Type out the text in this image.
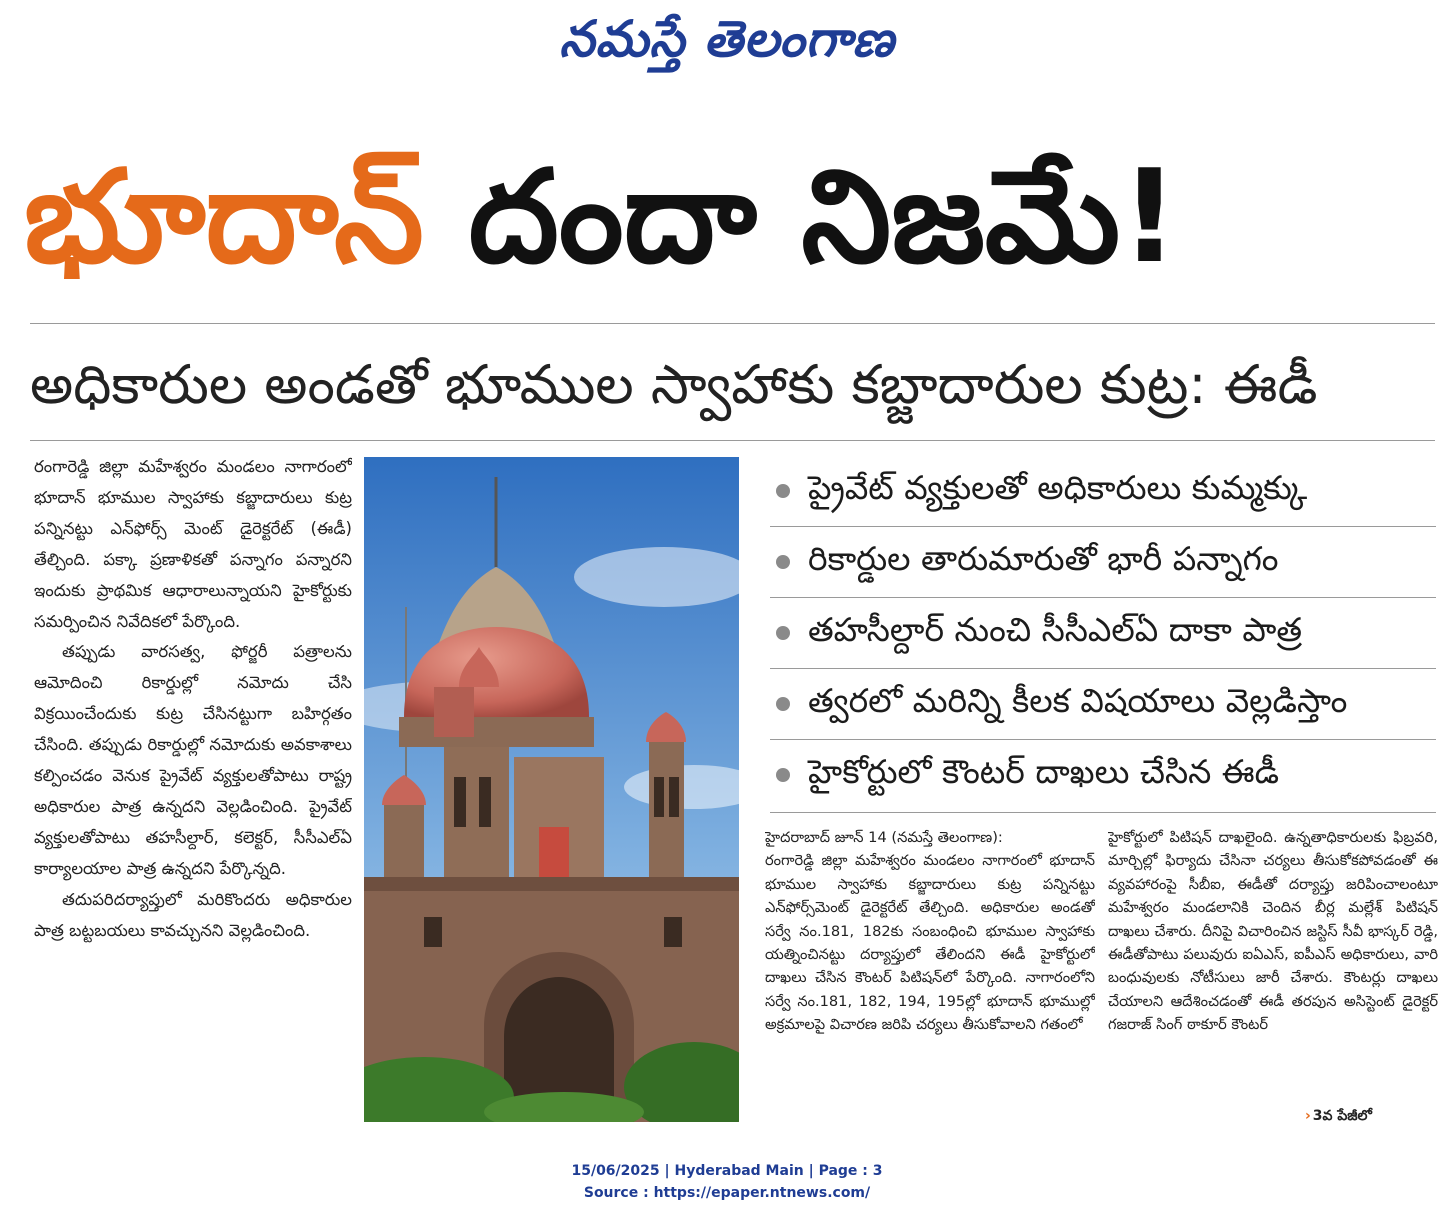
నమస్తే తెలంగాణ
భూదాన్ దందా నిజమే!
అధికారుల అండతో భూముల స్వాహాకు కబ్జాదారుల కుట్ర: ఈడీ

రంగారెడ్డి జిల్లా మహేశ్వరం మండలం నాగారంలో భూదాన్ భూముల స్వాహాకు కబ్జాదారులు కుట్ర పన్నినట్టు ఎన్‌ఫోర్స్ మెంట్ డైరెక్టరేట్ (ఈడీ) తేల్చింది. పక్కా ప్రణాళికతో పన్నాగం పన్నారని ఇందుకు ప్రాథమిక ఆధారాలున్నాయని హైకోర్టుకు సమర్పించిన నివేదికలో పేర్కొంది.

తప్పుడు వారసత్వ, ఫోర్జరీ పత్రాలను ఆమోదించి రికార్డుల్లో నమోదు చేసి విక్రయించేందుకు కుట్ర చేసినట్టుగా బహిర్గతం చేసింది. తప్పుడు రికార్డుల్లో నమోదుకు అవకాశాలు కల్పించడం వెనుక ప్రైవేట్ వ్యక్తులతోపాటు రాష్ట్ర అధికారుల పాత్ర ఉన్నదని వెల్లడించింది. ప్రైవేట్ వ్యక్తులతోపాటు తహసీల్దార్, కలెక్టర్, సీసీఎల్ఏ కార్యాలయాల పాత్ర ఉన్నదని పేర్కొన్నది.

తదుపరిదర్యాప్తులో మరికొందరు అధికారుల పాత్ర బట్టబయలు కావచ్చునని వెల్లడించింది.

ప్రైవేట్ వ్యక్తులతో అధికారులు కుమ్మక్కు
రికార్డుల తారుమారుతో భారీ పన్నాగం
తహసీల్దార్ నుంచి సీసీఎల్ఏ దాకా పాత్ర
త్వరలో మరిన్ని కీలక విషయాలు వెల్లడిస్తాం
హైకోర్టులో కౌంటర్ దాఖలు చేసిన ఈడీ

హైదరాబాద్ జూన్ 14 (నమస్తే తెలంగాణ):

రంగారెడ్డి జిల్లా మహేశ్వరం మండలం నాగారంలో భూదాన్ భూముల స్వాహాకు కబ్జాదారులు కుట్ర పన్నినట్టు ఎన్‌ఫోర్స్‌మెంట్ డైరెక్టరేట్ తేల్చింది. అధికారుల అండతో సర్వే నం.181, 182కు సంబంధించి భూముల స్వాహాకు యత్నించినట్టు దర్యాప్తులో తేలిందని ఈడీ హైకోర్టులో దాఖలు చేసిన కౌంటర్ పిటిషన్‌లో పేర్కొంది. నాగారంలోని సర్వే నం.181, 182, 194, 195ల్లో భూదాన్ భూముల్లో అక్రమాలపై విచారణ జరిపి చర్యలు తీసుకోవాలని గతంలో

హైకోర్టులో పిటిషన్ దాఖలైంది. ఉన్నతాధికారులకు ఫిబ్రవరి, మార్చిల్లో ఫిర్యాదు చేసినా చర్యలు తీసుకోకపోవడంతో ఈ వ్యవహారంపై సీబీఐ, ఈడీతో దర్యాప్తు జరిపించాలంటూ మహేశ్వరం మండలానికి చెందిన బీర్ల మల్లేశ్ పిటిషన్ దాఖలు చేశారు. దీనిపై విచారించిన జస్టిస్ సీవీ భాస్కర్ రెడ్డి, ఈడీతోపాటు పలువురు ఐఏఎస్, ఐపీఎస్ అధికారులు, వారి బంధువులకు నోటీసులు జారీ చేశారు. కౌంటర్లు దాఖలు చేయాలని ఆదేశించడంతో ఈడీ తరపున అసిస్టెంట్ డైరెక్టర్ గజరాజ్ సింగ్ ఠాకూర్ కౌంటర్

› 3వ పేజీలో
15/06/2025 | Hyderabad Main | Page : 3
Source : https://epaper.ntnews.com/
